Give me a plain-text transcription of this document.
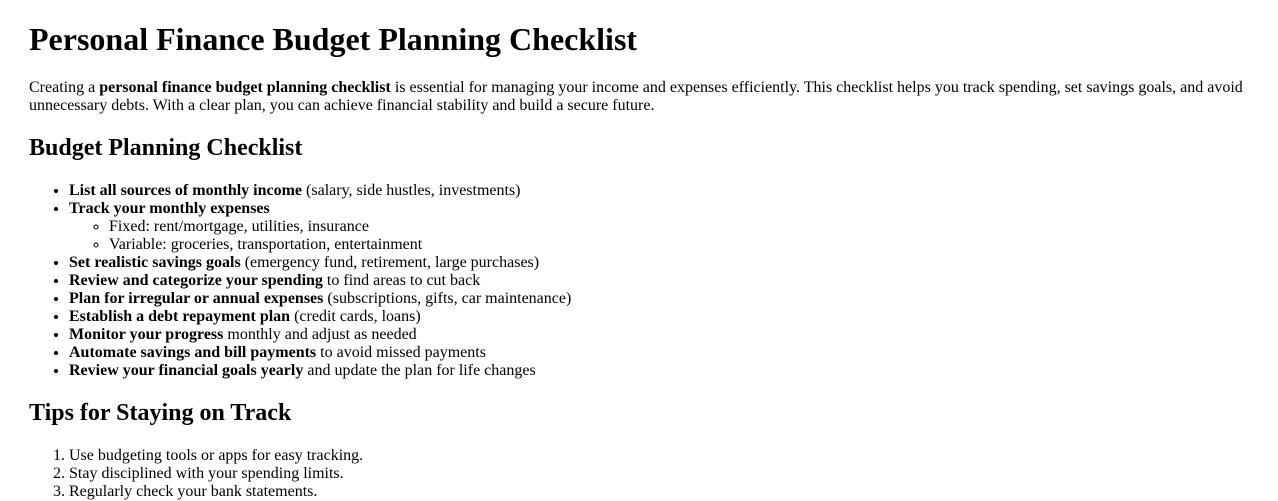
Personal Finance Budget Planning Checklist

Creating a personal finance budget planning checklist is essential for managing your income and expenses efficiently. This checklist helps you track spending, set savings goals, and avoid unnecessary debts. With a clear plan, you can achieve financial stability and build a secure future.

Budget Planning Checklist
• List all sources of monthly income (salary, side hustles, investments)
• Track your monthly expenses
◦ Fixed: rent/mortgage, utilities, insurance
◦ Variable: groceries, transportation, entertainment
• Set realistic savings goals (emergency fund, retirement, large purchases)
• Review and categorize your spending to find areas to cut back
• Plan for irregular or annual expenses (subscriptions, gifts, car maintenance)
• Establish a debt repayment plan (credit cards, loans)
• Monitor your progress monthly and adjust as needed
• Automate savings and bill payments to avoid missed payments
• Review your financial goals yearly and update the plan for life changes
Tips for Staying on Track
1. Use budgeting tools or apps for easy tracking.
2. Stay disciplined with your spending limits.
3. Regularly check your bank statements.
